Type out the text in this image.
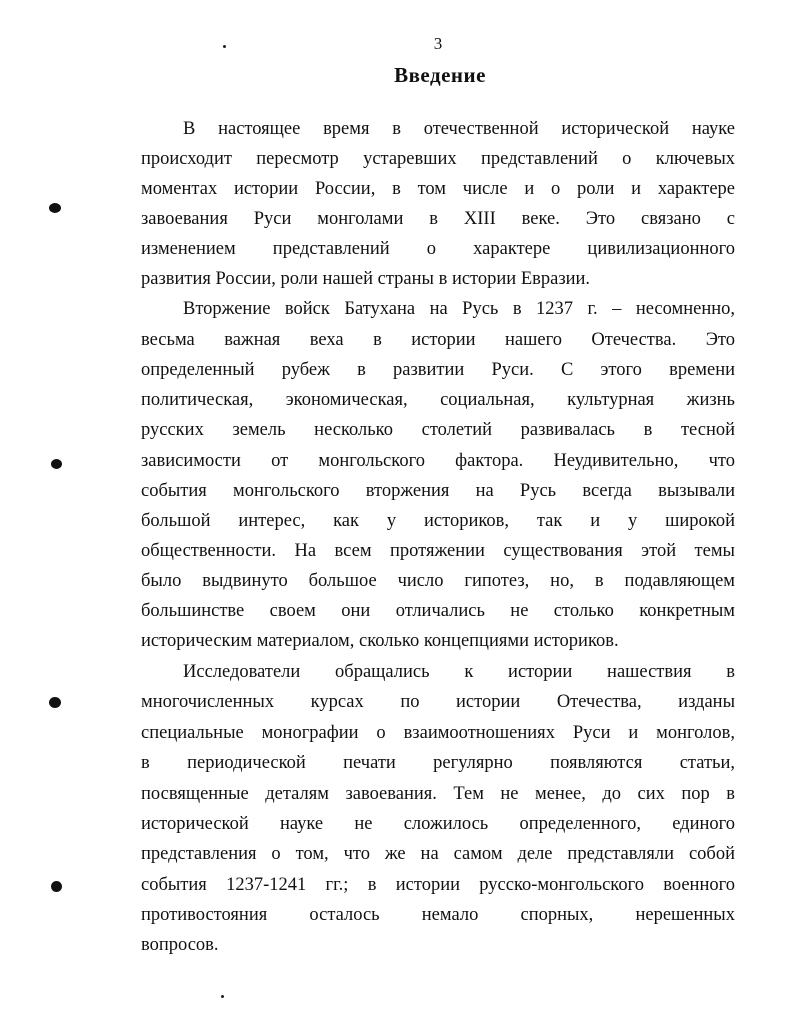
3
Введение
В настоящее время в отечественной исторической науке
происходит пересмотр устаревших представлений о ключевых
моментах истории России, в том числе и о роли и характере
завоевания Руси монголами в XIII веке. Это связано с
изменением представлений о характере цивилизационного
развития России, роли нашей страны в истории Евразии.
Вторжение войск Батуханa на Русь в 1237 г. – несомненно,
весьма важная веха в истории нашего Отечества. Это
определенный рубеж в развитии Руси. С этого времени
политическая, экономическая, социальная, культурная жизнь
русских земель несколько столетий развивалась в тесной
зависимости от монгольского фактора. Неудивительно, что
события монгольского вторжения на Русь всегда вызывали
большой интерес, как у историков, так и у широкой
общественности. На всем протяжении существования этой темы
было выдвинуто большое число гипотез, но, в подавляющем
большинстве своем они отличались не столько конкретным
историческим материалом, сколько концепциями историков.
Исследователи обращались к истории нашествия в
многочисленных курсах по истории Отечества, изданы
специальные монографии о взаимоотношениях Руси и монголов,
в периодической печати регулярно появляются статьи,
посвященные деталям завоевания. Тем не менее, до сих пор в
исторической науке не сложилось определенного, единого
представления о том, что же на самом деле представляли собой
события 1237-1241 гг.; в истории русско-монгольского военного
противостояния осталось немало спорных, нерешенных
вопросов.
